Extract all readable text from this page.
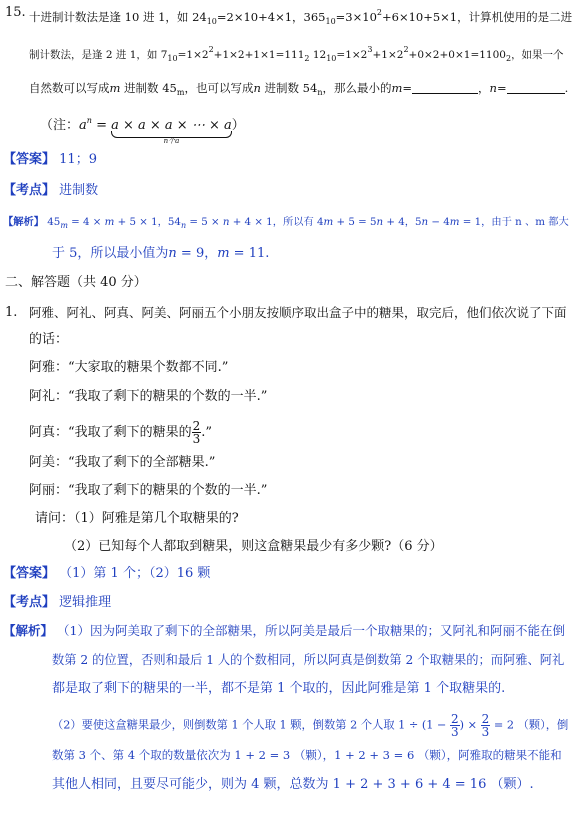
15. 十进制计数法是逢 10 进 1，如 $24_{10}=2\times 10+4\times 1$，$365_{10}=3\times 10^2+6\times 10+5\times 1$，计算机使用的是二进
制计数法，是逢 2 进 1，如 $7_{10}=1\times 2^2+1\times 2+1\times 1=111_2$ $12_{10}=1\times 2^3+1\times 2^2+0\times 2+0\times 1=1100_2$，如果一个
自然数可以写成m 进制数 $45_m$，也可以写成n 进制数 $54_n$，那么最小的m=	，n=	.
（注：$a^n = a \times a \times a$ × ⋯ × a
n个a
）
【答案】 11；9
【考点】 进制数
【解析】 $45_m = 4 \times m + 5 \times 1$，$54_n = 5 \times n + 4 \times 1$，所以有 4m + 5 = 5n + 4，5n − 4m = 1，由于 n 、m 都大
于 5，所以最小值为n = 9，m = 11.
二、解答题（共 40 分）
1. 阿雅、阿礼、阿真、阿美、阿丽五个小朋友按顺序取出盒子中的糖果，取完后，他们依次说了下面
的话：
阿雅：“大家取的糖果个数都不同.”
阿礼：“我取了剩下的糖果的个数的一半.”
阿真：“我取了剩下的糖果的 $\frac{2}{3}$ .”
阿美：“我取了剩下的全部糖果.”
阿丽：“我取了剩下的糖果的个数的一半.”
请问：（1）阿雅是第几个取糖果的?
（2）已知每个人都取到糖果，则这盒糖果最少有多少颗?（6 分）
【答案】 （1）第 1 个；（2）16 颗
【考点】 逻辑推理
【解析】 （1）因为阿美取了剩下的全部糖果，所以阿美是最后一个取糖果的；又阿礼和阿丽不能在倒
数第 2 的位置，否则和最后 1 人的个数相同，所以阿真是倒数第 2 个取糖果的；而阿雅、阿礼
都是取了剩下的糖果的一半，都不是第 1 个取的，因此阿雅是第 1 个取糖果的.
（2）要使这盒糖果最少，则倒数第 1 个人取 1 颗，倒数第 2 个人取 $1 \div (1 - \frac{2}{3}$ ) × $\frac{2}{3} = 2$ （颗），倒
数第 3 个、第 4 个取的数量依次为 1 + 2 = 3 （颗），1 + 2 + 3 = 6 （颗），阿雅取的糖果不能和
其他人相同，且要尽可能少，则为 4 颗，总数为 1 + 2 + 3 + 6 + 4 = 16 （颗）.
